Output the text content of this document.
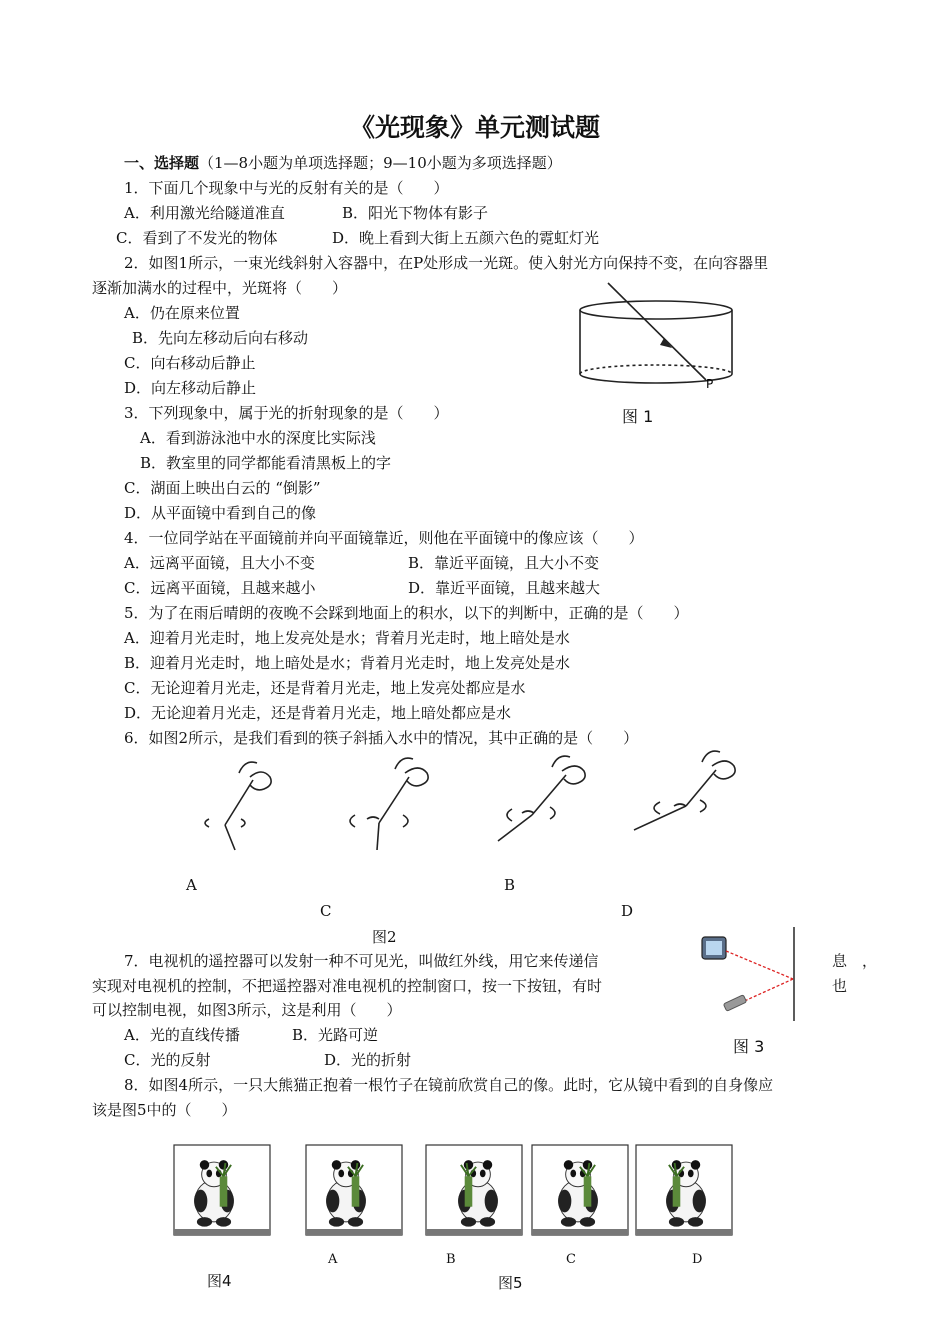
《光现象》单元测试题
一、选择题（1—8小题为单项选择题；9—10小题为多项选择题）
1．下面几个现象中与光的反射有关的是（　　）
A．利用激光给隧道准直	B．阳光下物体有影子
C．看到了不发光的物体	D．晚上看到大街上五颜六色的霓虹灯光
2．如图1所示，一束光线斜射入容器中，在P处形成一光斑。使入射光方向保持不变，在向容器里
逐渐加满水的过程中，光斑将（　　）
A．仍在原来位置
B．先向左移动后向右移动
C．向右移动后静止
D．向左移动后静止	P
图 1
3．下列现象中，属于光的折射现象的是（　　）
A．看到游泳池中水的深度比实际浅
B．教室里的同学都能看清黑板上的字
C．湖面上映出白云的 “倒影”
D．从平面镜中看到自己的像
4．一位同学站在平面镜前并向平面镜靠近，则他在平面镜中的像应该（　　）
A．远离平面镜，且大小不变	B．靠近平面镜，且大小不变
C．远离平面镜，且越来越小	D．靠近平面镜，且越来越大
5．为了在雨后晴朗的夜晚不会踩到地面上的积水，以下的判断中，正确的是（　　）
A．迎着月光走时，地上发亮处是水；背着月光走时，地上暗处是水
B．迎着月光走时，地上暗处是水；背着月光走时，地上发亮处是水
C．无论迎着月光走，还是背着月光走，地上发亮处都应是水
D．无论迎着月光走，还是背着月光走，地上暗处都应是水
6．如图2所示，是我们看到的筷子斜插入水中的情况，其中正确的是（　　）
A	B
C	D
图2
7．电视机的遥控器可以发射一种不可见光，叫做红外线，用它来传递信	息　，
实现对电视机的控制，不把遥控器对准电视机的控制窗口，按一下按钮，有时	也
可以控制电视，如图3所示，这是利用（　　）
A．光的直线传播	B．光路可逆
C．光的反射	D．光的折射
图 3
8．如图4所示，一只大熊猫正抱着一根竹子在镜前欣赏自己的像。此时，它从镜中看到的自身像应
该是图5中的（　　）
图4
A	B	C	D
图5
